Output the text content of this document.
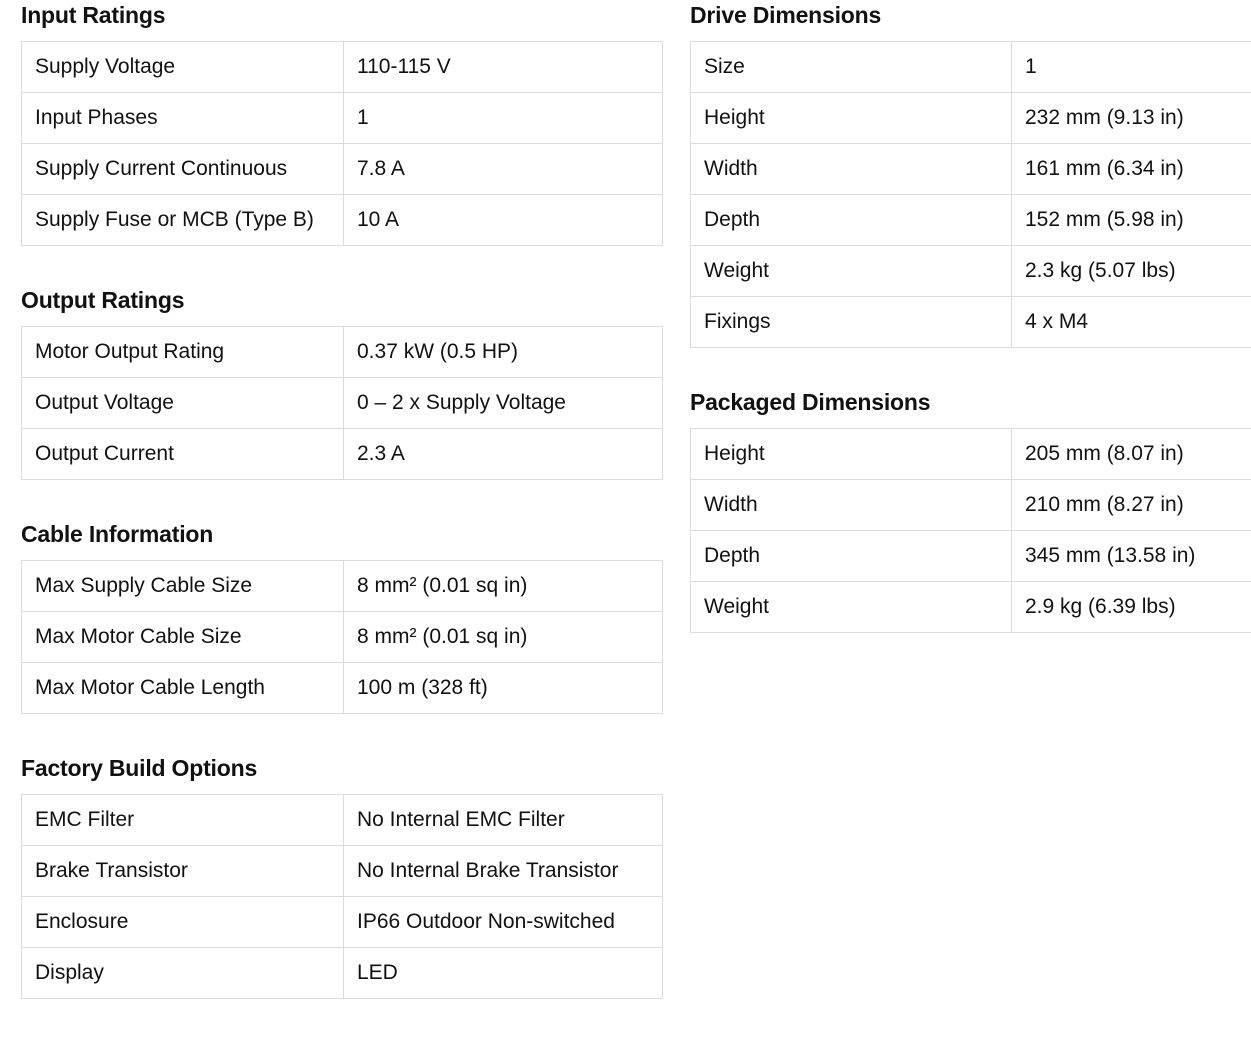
Input Ratings
Supply Voltage	110-115 V
Input Phases	1
Supply Current Continuous	7.8 A
Supply Fuse or MCB (Type B)	10 A
Output Ratings
Motor Output Rating	0.37 kW (0.5 HP)
Output Voltage	0 – 2 x Supply Voltage
Output Current	2.3 A
Cable Information
Max Supply Cable Size	8 mm² (0.01 sq in)
Max Motor Cable Size	8 mm² (0.01 sq in)
Max Motor Cable Length	100 m (328 ft)
Factory Build Options
EMC Filter	No Internal EMC Filter
Brake Transistor	No Internal Brake Transistor
Enclosure	IP66 Outdoor Non-switched
Display	LED
Drive Dimensions
Size	1
Height	232 mm (9.13 in)
Width	161 mm (6.34 in)
Depth	152 mm (5.98 in)
Weight	2.3 kg (5.07 lbs)
Fixings	4 x M4
Packaged Dimensions
Height	205 mm (8.07 in)
Width	210 mm (8.27 in)
Depth	345 mm (13.58 in)
Weight	2.9 kg (6.39 lbs)
